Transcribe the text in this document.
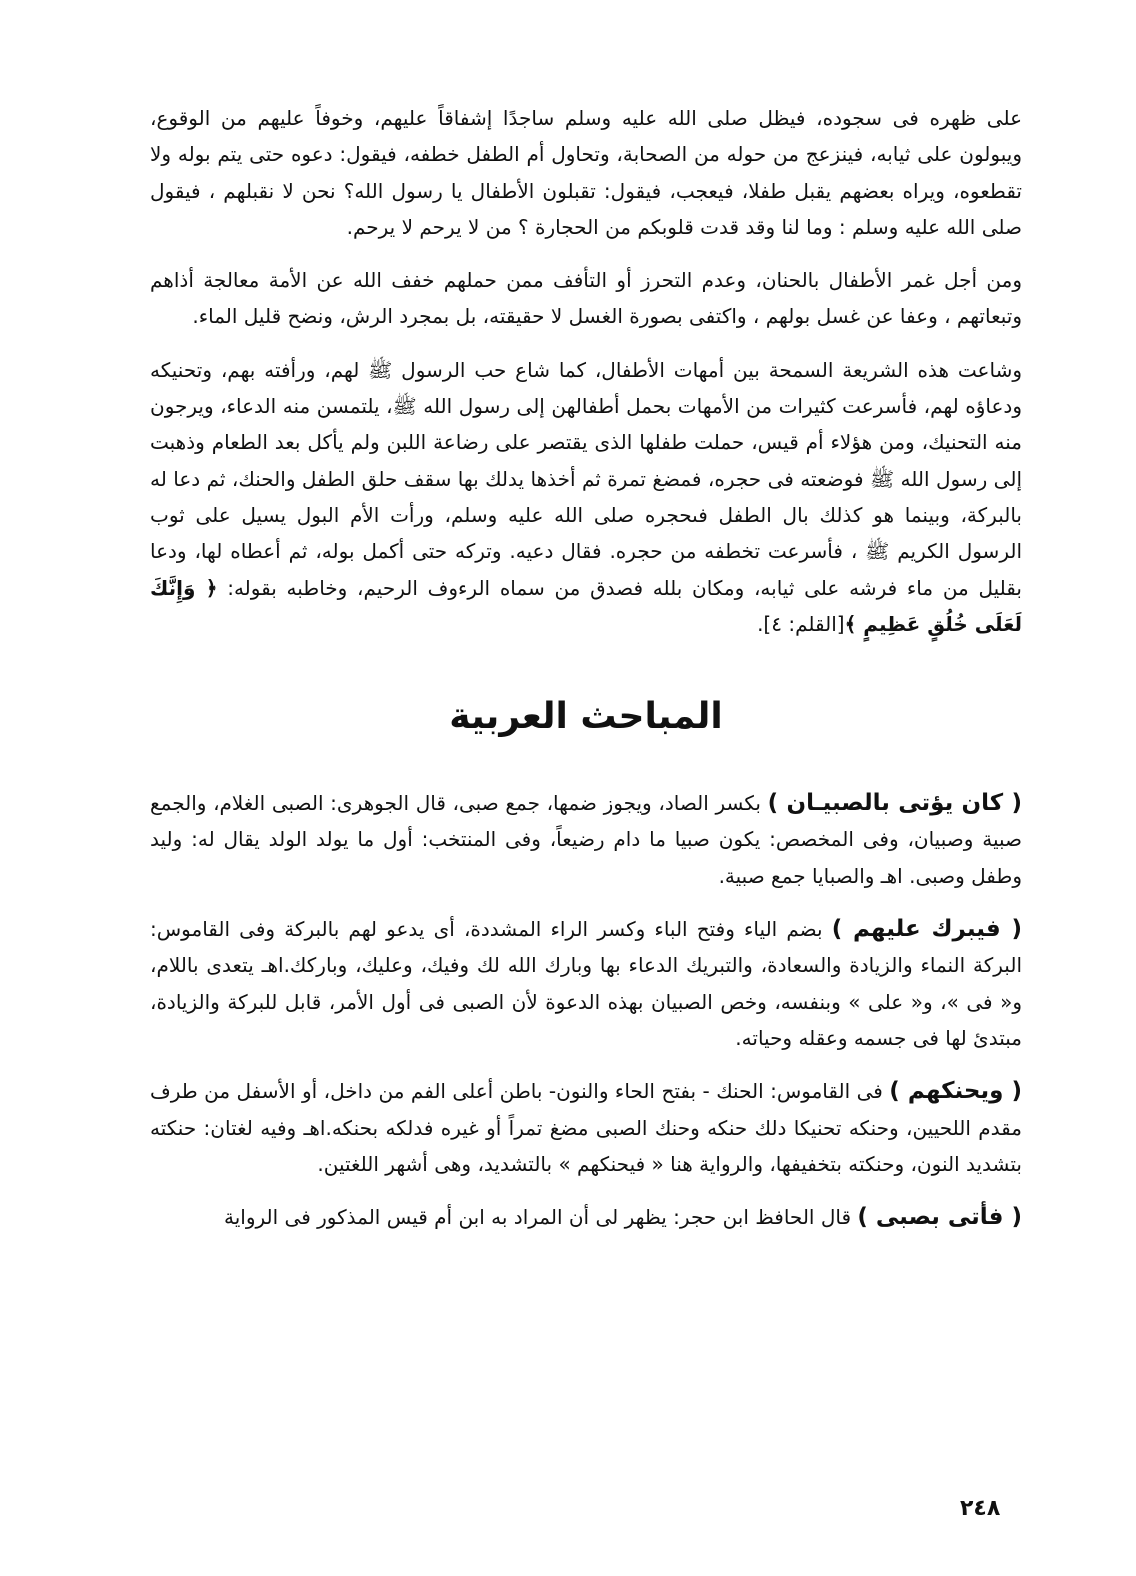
على ظهره فى سجوده، فيظل صلى الله عليه وسلم ساجدًا إشفاقاً عليهم، وخوفاً عليهم من الوقوع، ويبولون على ثيابه، فينزعج من حوله من الصحابة، وتحاول أم الطفل خطفه، فيقول: دعوه حتى يتم بوله ولا تقطعوه، ويراه بعضهم يقبل طفلا، فيعجب، فيقول: تقبلون الأطفال يا رسول الله؟ نحن لا نقبلهم ، فيقول صلى الله عليه وسلم : وما لنا وقد قدت قلوبكم من الحجارة ؟ من لا يرحم لا يرحم.

ومن أجل غمر الأطفال بالحنان، وعدم التحرز أو التأفف ممن حملهم خفف الله عن الأمة معالجة أذاهم وتبعاتهم ، وعفا عن غسل بولهم ، واكتفى بصورة الغسل لا حقيقته، بل بمجرد الرش، ونضح قليل الماء.

وشاعت هذه الشريعة السمحة بين أمهات الأطفال، كما شاع حب الرسول ﷺ لهم، ورأفته بهم، وتحنيكه ودعاؤه لهم، فأسرعت كثيرات من الأمهات بحمل أطفالهن إلى رسول الله ﷺ، يلتمسن منه الدعاء، ويرجون منه التحنيك، ومن هؤلاء أم قيس، حملت طفلها الذى يقتصر على رضاعة اللبن ولم يأكل بعد الطعام وذهبت إلى رسول الله ﷺ فوضعته فى حجره، فمضغ تمرة ثم أخذها يدلك بها سقف حلق الطفل والحنك، ثم دعا له بالبركة، وبينما هو كذلك بال الطفل فىحجره صلى الله عليه وسلم، ورأت الأم البول يسيل على ثوب الرسول الكريم ﷺ ، فأسرعت تخطفه من حجره. فقال دعيه. وتركه حتى أكمل بوله، ثم أعطاه لها، ودعا بقليل من ماء فرشه على ثيابه، ومكان بلله فصدق من سماه الرءوف الرحيم، وخاطبه بقوله: ﴿ وَإِنَّكَ لَعَلَى خُلُقٍ عَظِيمٍ ﴾[القلم: ٤].

المباحث العربية

( كان يؤتى بالصبيـان ) بكسر الصاد، ويجوز ضمها، جمع صبى، قال الجوهرى: الصبى الغلام، والجمع صبية وصبيان، وفى المخصص: يكون صبيا ما دام رضيعاً، وفى المنتخب: أول ما يولد الولد يقال له: وليد وطفل وصبى. اهـ والصبايا جمع صبية.

( فيبرك عليهم ) بضم الياء وفتح الباء وكسر الراء المشددة، أى يدعو لهم بالبركة وفى القاموس: البركة النماء والزيادة والسعادة، والتبريك الدعاء بها وبارك الله لك وفيك، وعليك، وباركك.اهـ يتعدى باللام، و« فى »، و« على » وبنفسه، وخص الصبيان بهذه الدعوة لأن الصبى فى أول الأمر، قابل للبركة والزيادة، مبتدئ لها فى جسمه وعقله وحياته.

( ويحنكهم ) فى القاموس: الحنك - بفتح الحاء والنون- باطن أعلى الفم من داخل، أو الأسفل من طرف مقدم اللحيين، وحنكه تحنيكا دلك حنكه وحنك الصبى مضغ تمراً أو غيره فدلكه بحنكه.اهـ وفيه لغتان: حنكته بتشديد النون، وحنكته بتخفيفها، والرواية هنا « فيحنكهم » بالتشديد، وهى أشهر اللغتين.

( فأتى بصبى ) قال الحافظ ابن حجر: يظهر لى أن المراد به ابن أم قيس المذكور فى الرواية

٢٤٨
